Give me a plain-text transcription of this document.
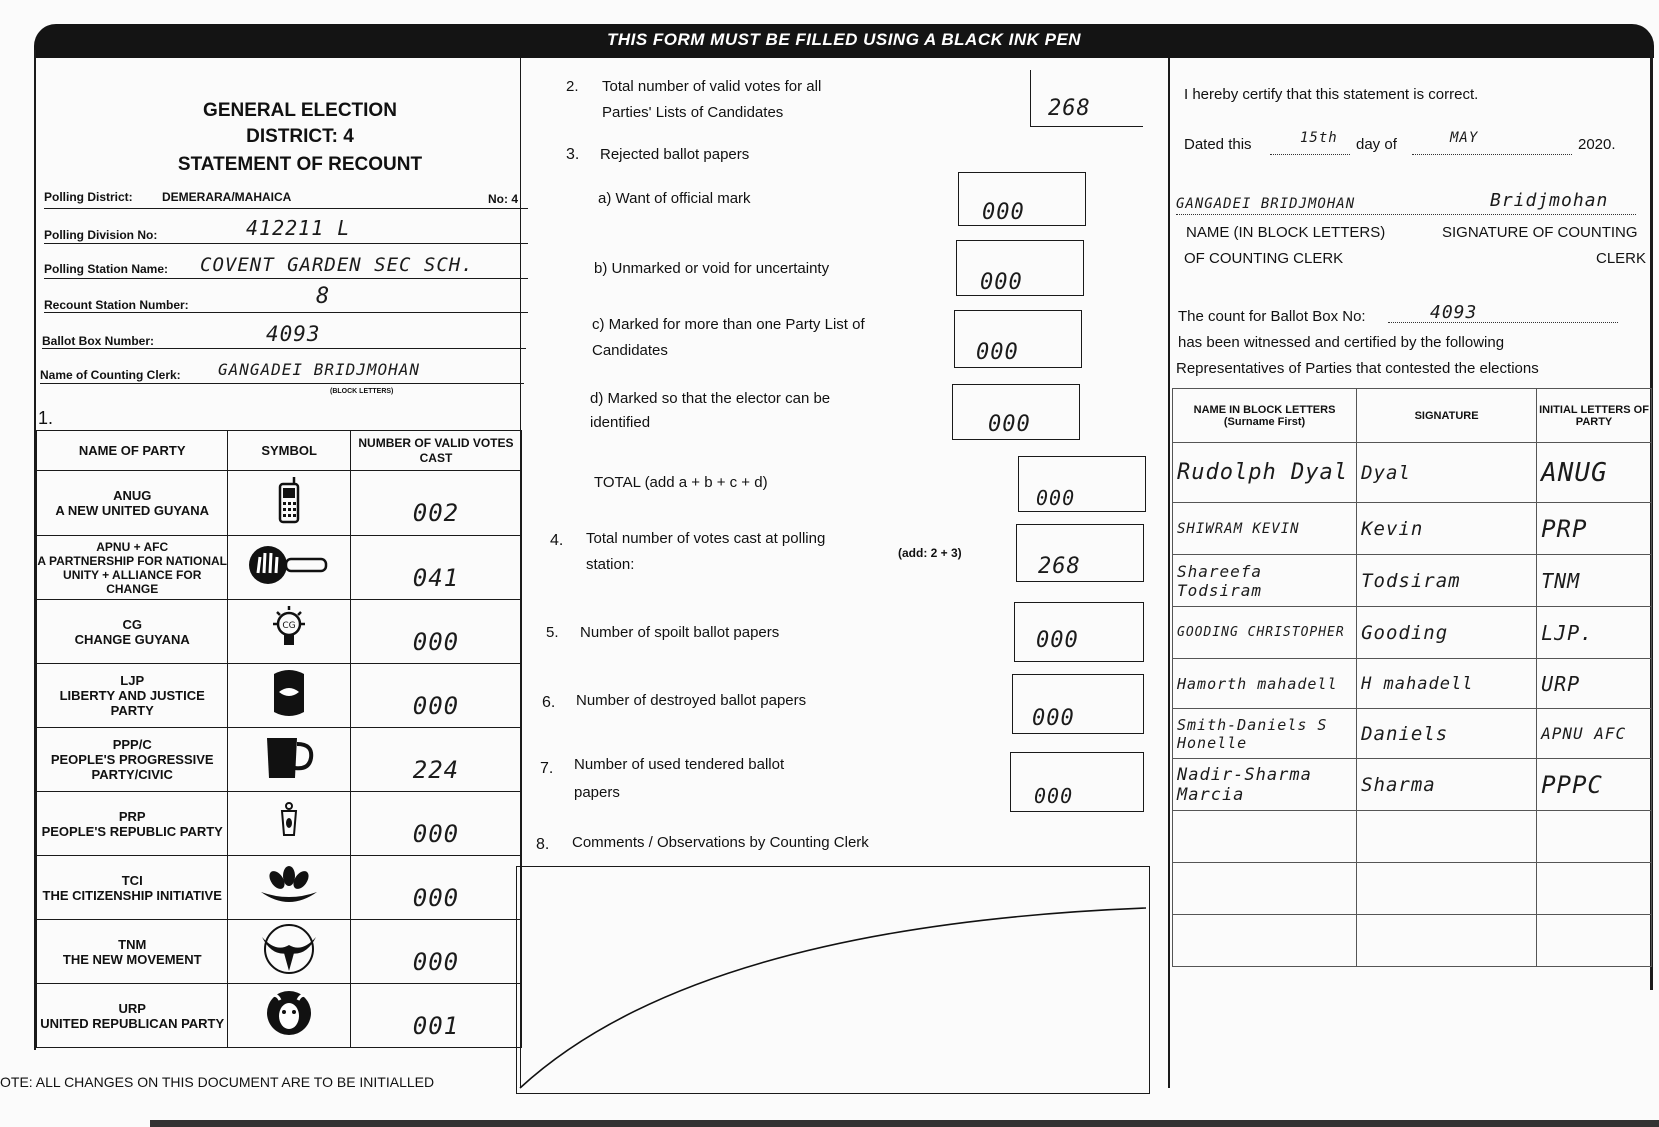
THIS FORM MUST BE FILLED USING A BLACK INK PEN
GENERAL ELECTION
DISTRICT: 4
STATEMENT OF RECOUNT
Polling District: DEMERARA/MAHAICA	No: 4
Polling Division No:	412211 L
Polling Station Name: COVENT GARDEN SEC SCH.
Recount Station Number:	8
Ballot Box Number:	4093
Name of Counting Clerk: GANGADEI BRIDJMOHAN
(BLOCK LETTERS)
1.
NAME OF PARTY	SYMBOL	NUMBER OF VALID VOTES CAST

ANUG
A NEW UNITED GUYANA		002

APNU + AFC
A PARTNERSHIP FOR NATIONAL UNITY + ALLIANCE FOR CHANGE		041

CG
CHANGE GUYANA	CG	000

LJP
LIBERTY AND JUSTICE PARTY		000

PPP/C
PEOPLE'S PROGRESSIVE PARTY/CIVIC		224

PRP
PEOPLE'S REPUBLIC PARTY		000

TCI
THE CITIZENSHIP INITIATIVE		000

TNM
THE NEW MOVEMENT		000

URP
UNITED REPUBLICAN PARTY		001
OTE: ALL CHANGES ON THIS DOCUMENT ARE TO BE INITIALLED
2. Total number of valid votes for all
Parties' Lists of Candidates	268
3. Rejected ballot papers
a) Want of official mark
000
b) Unmarked or void for uncertainty
000
c) Marked for more than one Party List of
Candidates	000
d) Marked so that the elector can be
identified	000
TOTAL (add a + b + c + d)
000
4. Total number of votes cast at polling
station:
(add: 2 + 3)
268
5. Number of spoilt ballot papers	000
6. Number of destroyed ballot papers
000
7. Number of used tendered ballot
papers	000
8. Comments / Observations by Counting Clerk
I hereby certify that this statement is correct.
Dated this	15th day of	MAY	2020.
GANGADEI BRIDJMOHAN	Bridjmohan
NAME (IN BLOCK LETTERS)
OF COUNTING CLERK
SIGNATURE OF COUNTING
CLERK
The count for Ballot Box No:	4093
has been witnessed and certified by the following
Representatives of Parties that contested the elections
NAME IN BLOCK LETTERS (Surname First)	SIGNATURE	INITIAL LETTERS OF PARTY
Rudolph Dyal	Dyal	ANUG
SHIWRAM KEVIN	Kevin	PRP
Shareefa Todsiram	Todsiram	TNM
GOODING CHRISTOPHER	Gooding	LJP.
Hamorth mahadell	H mahadell	URP
Smith-Daniels S Honelle	Daniels	APNU AFC
Nadir-Sharma Marcia	Sharma	PPPC
